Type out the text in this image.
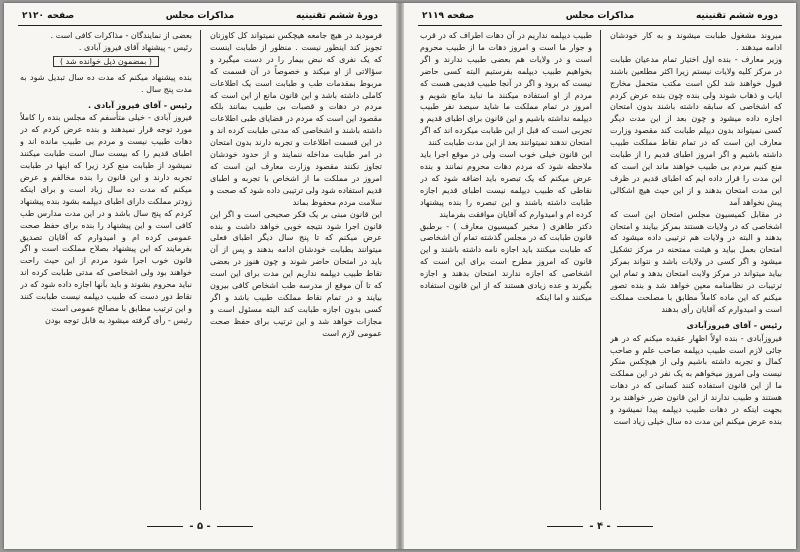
دورهٔ ششم تقنینیه
مذاکرات مجلس
صفحه ۲۱۲۰

فرمودید در هیچ جامعه هیچکس نمیتواند کل کاوزنان تجویز کند اینطور نیست . منظور از طبابت اینست که یک نفری که نبض بیمار را در دست میگیرد و سؤالاتی از او میکند و خصوصاً در آن قسمت که مربوط بمقدمات طب و طبابت است یک اطلاعات کاملی داشته باشد و این قانون مانع از این است که مردم در دهات و قصبات بی طبیب بمانند بلکه مقصود این است که مردم در قضایای طبی اطلاعات داشته باشند و اشخاصی که مدتی طبابت کرده اند و در این قسمت اطلاعات و تجربه دارند بدون امتحان در امر طبابت مداخله ننمایند و از حدود خودشان تجاوز نکنند مقصود وزارت معارف این است که امروز در مملکت ما از اشخاص با تجربه و اطبای قدیم استفاده شود ولی ترتیبی داده شود که صحت و سلامت مردم محفوظ بماند

این قانون مبنی بر یک فکر صحیحی است و اگر این قانون اجرا شود نتیجه خوبی خواهد داشت و بنده عرض میکنم که تا پنج سال دیگر اطبای فعلی میتوانند بطبابت خودشان ادامه بدهند و پس از آن باید در امتحان حاضر شوند و چون هنوز در بعضی نقاط طبیب دیپلمه نداریم این مدت برای این است که تا آن موقع از مدرسه طب اشخاص کافی بیرون بیایند و در تمام نقاط مملکت طبیب باشد و اگر کسی بدون اجازه طبابت کند البته مسئول است و مجازات خواهد شد و این ترتیب برای حفظ صحت عمومی لازم است

بعضی از نمایندگان - مذاکرات کافی است .

رئیس - پیشنهاد آقای فیروز آبادی .

( بمضمون ذیل خوانده شد )

بنده پیشنهاد میکنم که مدت ده سال تبدیل شود به مدت پنج سال .

رئیس - آقای فیروز آبادی .

فیروز آبادی - خیلی متأسفم که مجلس بنده را کاملاً مورد توجه قرار نمیدهند و بنده عرض کردم که در دهات طبیب نیست و مردم بی طبیب مانده اند و اطبای قدیم را که بیست سال است طبابت میکنند نمیشود از طبابت منع کرد زیرا که اینها در طبابت تجربه دارند و این قانون را بنده مخالفم و عرض میکنم که مدت ده سال زیاد است و برای اینکه زودتر مملکت دارای اطبای دیپلمه بشود بنده پیشنهاد کردم که پنج سال باشد و در این مدت مدارس طب کافی است و این پیشنهاد را بنده برای حفظ صحت عمومی کرده ام و امیدوارم که آقایان تصدیق بفرمایند که این پیشنهاد بصلاح مملکت است و اگر قانون خوب اجرا شود مردم از این حیث راحت خواهند بود ولی اشخاصی که مدتی طبابت کرده اند نباید محروم بشوند و باید بآنها اجازه داده شود که در نقاط دور دست که طبیب دیپلمه نیست طبابت کنند و این ترتیب مطابق با مصالح عمومی است

رئیس - رأی گرفته میشود به قابل توجه بودن

- ۵ -
دوره ششم تقنینیه
مذاکرات مجلس
صفحه ۲۱۱۹

میروند مشغول طبابت میشوند و به کار خودشان ادامه میدهند .

وزیر معارف - بنده اول اختیار تمام مدعیان طبابت در مرکز کلیه ولایات نیستم زیرا اکثر مطلعین باشند قبول خواهند شد لکن است مکتب متحمل مخارج ایاب و ذهاب شوند ولی بنده چون بنده عرض کردم که اشخاصی که سابقه داشته باشند بدون امتحان اجازه داده میشود و چون بعد از این مدت دیگر کسی نمیتواند بدون دیپلم طبابت کند مقصود وزارت معارف این است که در تمام نقاط مملکت طبیب داشته باشیم و اگر امروز اطبای قدیم را از طبابت منع کنیم مردم بی طبیب خواهند ماند این است که این مدت را قرار داده ایم که اطبای قدیم در ظرف این مدت امتحان بدهند و از این حیث هیچ اشکالی پیش نخواهد آمد

در مقابل کمیسیون مجلس امتحان این است که اشخاصی که در ولایات هستند بمرکز بیایند و امتحان بدهند و البته در ولایات هم ترتیبی داده میشود که امتحان بعمل بیاید و هیئت ممتحنه در مرکز تشکیل میشود و اگر کسی در ولایات باشد و نتواند بمرکز بیاید میتواند در مرکز ولایت امتحان بدهد و تمام این ترتیبات در نظامنامه معین خواهد شد و بنده تصور میکنم که این ماده کاملاً مطابق با مصلحت مملکت است و امیدوارم که آقایان رأی بدهند

رئیس - آقای فیروزآبادی

فیروزآبادی - بنده اولاً اظهار عقیده میکنم که در هر جائی لازم است طبیب دیپلمه صاحب علم و صاحب کمال و تجربه داشته باشیم ولی از هیچکس منکر نیست ولی امروز میخواهم به یک نفر در این مملکت ما از این قانون استفاده کنند کسانی که در دهات هستند و طبیب ندارند از این قانون ضرر خواهند برد بجهت اینکه در دهات طبیب دیپلمه پیدا نمیشود و بنده عرض میکنم این مدت ده سال خیلی زیاد است

طبیب دیپلمه نداریم در آن دهات اطراف که در قرب و جوار ما است و امروز دهات ما از طبیب محروم است و در ولایات هم بعضی طبیب ندارند و اگر بخواهیم طبیب دیپلمه بفرستیم البته کسی حاضر نیست که برود و اگر در آنجا طبیب قدیمی هست که مردم از او استفاده میکنند ما نباید مانع شویم و امروز در تمام مملکت ما شاید سیصد نفر طبیب دیپلمه نداشته باشیم و این قانون برای اطبای قدیم و تجربی است که قبل از این طبابت میکرده اند که اگر امتحان ندهند نمیتوانند بعد از این مدت طبابت کنند

این قانون خیلی خوب است ولی در موقع اجرا باید ملاحظه شود که مردم دهات محروم نمانند و بنده عرض میکنم که یک تبصره باید اضافه شود که در نقاطی که طبیب دیپلمه نیست اطبای قدیم اجازه طبابت داشته باشند و این تبصره را بنده پیشنهاد کرده ام و امیدوارم که آقایان موافقت بفرمایند

دکتر طاهری ( مخبر کمیسیون معارف ) - برطبق قانون طبابت که در مجلس گذشته تمام آن اشخاصی که طبابت میکنند باید اجازه نامه داشته باشند و این قانون که امروز مطرح است برای این است که اشخاصی که اجازه ندارند امتحان بدهند و اجازه بگیرند و عده زیادی هستند که از این قانون استفاده میکنند و اما اینکه

- ۴ -
